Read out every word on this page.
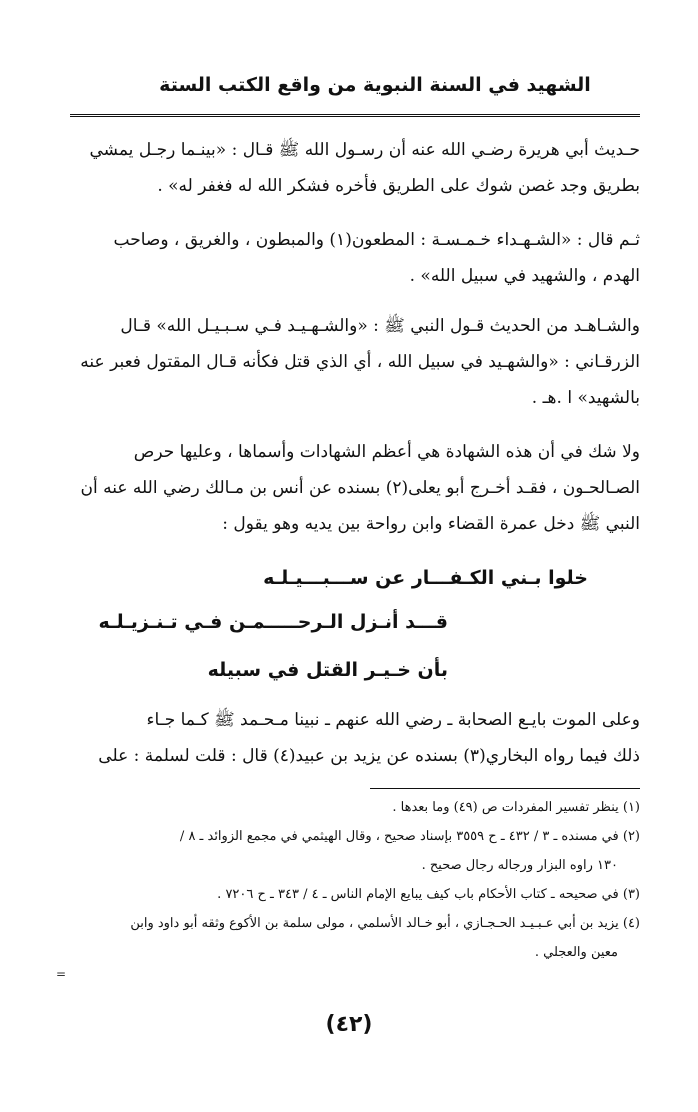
الشهيد في السنة النبوية من واقع الكتب الستة
حـديث أبي هريرة رضـي الله عنه أن رسـول الله ﷺ قـال : «بينـما رجـل يمشي
بطريق وجد غصن شوك على الطريق فأخره فشكر الله له فغفر له» .
ثـم قال : «الشـهـداء خـمـسـة : المطعون(١) والمبطون ، والغريق ، وصاحب
الهدم ، والشهيد في سبيل الله» .
والشـاهـد من الحديث قـول النبي ﷺ : «والشـهـيـد فـي سـبـيـل الله» قـال
الزرقـاني : «والشهـيد في سبيل الله ، أي الذي قتل فكأنه قـال المقتول فعبر عنه
بالشهيد» ا .هـ .
ولا شك في أن هذه الشهادة هي أعظم الشهادات وأسماها ، وعليها حرص
الصـالحـون ، فقـد أخـرج أبو يعلى(٢) بسنده عن أنس بن مـالك رضي الله عنه أن
النبي ﷺ دخل عمرة القضاء وابن رواحة بين يديه وهو يقول :
خلوا بـني الكـفـــار عن ســـبـــيـلـه
قـــد أنـزل الـرحـــــمـن فـي تـنـزيـلـه
بأن خـيـر القتل في سبيله
وعلى الموت بايـع الصحابة ـ رضي الله عنهم ـ نبينا مـحـمد ﷺ كـما جـاء
ذلك فيما رواه البخاري(٣) بسنده عن يزيد بن عبيد(٤) قال : قلت لسلمة : على
(١) ينظر تفسير المفردات ص (٤٩) وما بعدها .
(٢) في مسنده ـ ٣ / ٤٣٢ ـ ح ٣٥٥٩ بإسناد صحيح ، وقال الهيثمي في مجمع الزوائد ـ ٨ /
١٣٠ راوه البزار ورجاله رجال صحيح .
(٣) في صحيحه ـ كتاب الأحكام باب كيف يبايع الإمام الناس ـ ٤ / ٣٤٣ ـ ح ٧٢٠٦ .
(٤) يزيد بن أبي عـبـيـد الحـجـازي ، أبو خـالد الأسلمي ، مولى سلمة بن الأكوع وثقه أبو داود وابن
معين والعجلي .
=
(٤٢)
